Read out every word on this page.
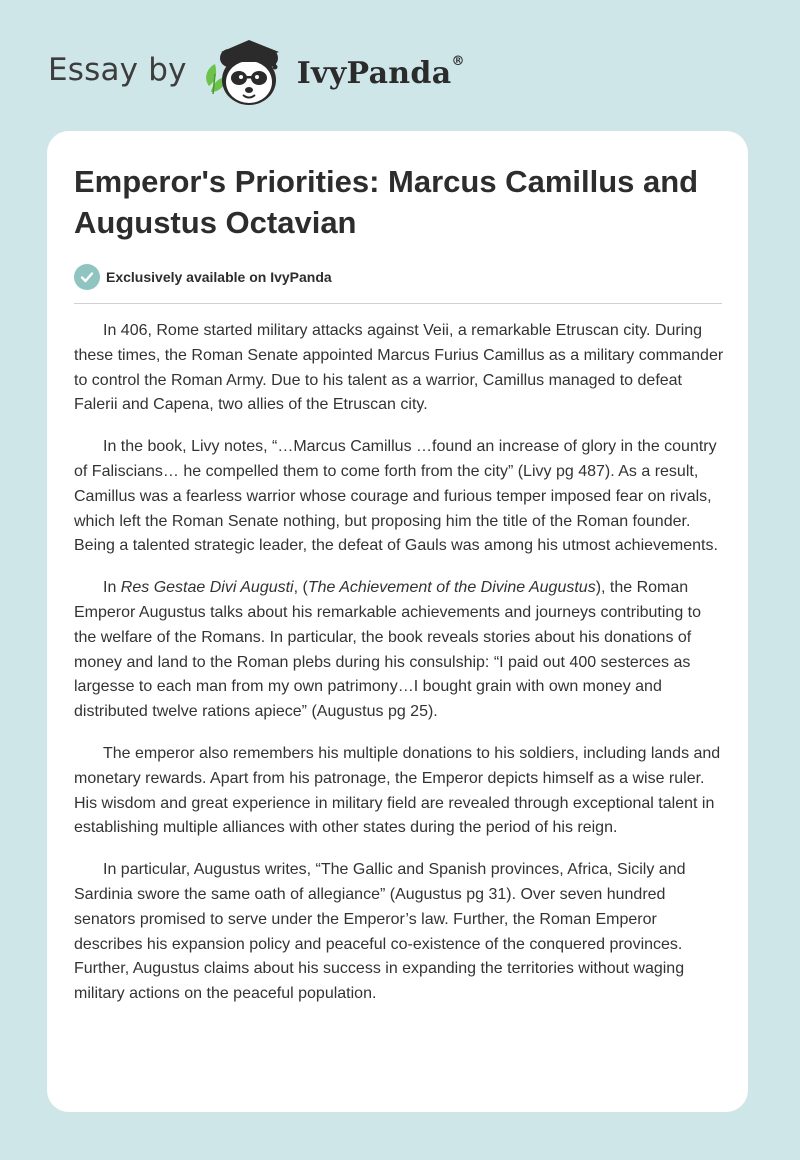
Essay by	IvyPanda®
Emperor's Priorities: Marcus Camillus and Augustus Octavian
Exclusively available on IvyPanda

In 406, Rome started military attacks against Veii, a remarkable Etruscan city. During these times, the Roman Senate appointed Marcus Furius Camillus as a military commander to control the Roman Army. Due to his talent as a warrior, Camillus managed to defeat Falerii and Capena, two allies of the Etruscan city.

In the book, Livy notes, “…Marcus Camillus …found an increase of glory in the country of Faliscians… he compelled them to come forth from the city” (Livy pg 487). As a result, Camillus was a fearless warrior whose courage and furious temper imposed fear on rivals, which left the Roman Senate nothing, but proposing him the title of the Roman founder. Being a talented strategic leader, the defeat of Gauls was among his utmost achievements.

In Res Gestae Divi Augusti, (The Achievement of the Divine Augustus), the Roman Emperor Augustus talks about his remarkable achievements and journeys contributing to the welfare of the Romans. In particular, the book reveals stories about his donations of money and land to the Roman plebs during his consulship: “I paid out 400 sesterces as largesse to each man from my own patrimony…I bought grain with own money and distributed twelve rations apiece” (Augustus pg 25).

The emperor also remembers his multiple donations to his soldiers, including lands and monetary rewards. Apart from his patronage, the Emperor depicts himself as a wise ruler. His wisdom and great experience in military field are revealed through exceptional talent in establishing multiple alliances with other states during the period of his reign.

In particular, Augustus writes, “The Gallic and Spanish provinces, Africa, Sicily and Sardinia swore the same oath of allegiance” (Augustus pg 31). Over seven hundred senators promised to serve under the Emperor’s law. Further, the Roman Emperor describes his expansion policy and peaceful co-existence of the conquered provinces. Further, Augustus claims about his success in expanding the territories without waging military actions on the peaceful population.
